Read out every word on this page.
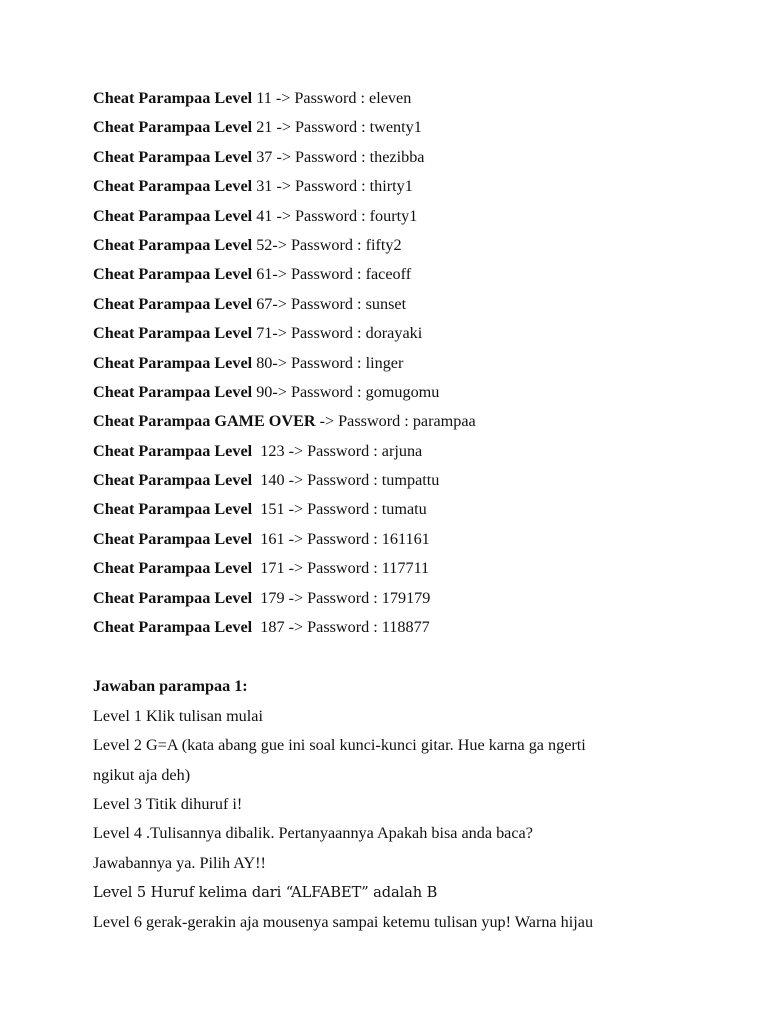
Cheat Parampaa Level 11 -> Password : eleven
Cheat Parampaa Level 21 -> Password : twenty1
Cheat Parampaa Level 37 -> Password : thezibba
Cheat Parampaa Level 31 -> Password : thirty1
Cheat Parampaa Level 41 -> Password : fourty1
Cheat Parampaa Level 52-> Password : fifty2
Cheat Parampaa Level 61-> Password : faceoff
Cheat Parampaa Level 67-> Password : sunset
Cheat Parampaa Level 71-> Password : dorayaki
Cheat Parampaa Level 80-> Password : linger
Cheat Parampaa Level 90-> Password : gomugomu
Cheat Parampaa GAME OVER -> Password : parampaa
Cheat Parampaa Level  123 -> Password : arjuna
Cheat Parampaa Level  140 -> Password : tumpattu
Cheat Parampaa Level  151 -> Password : tumatu
Cheat Parampaa Level  161 -> Password : 161161
Cheat Parampaa Level  171 -> Password : 117711
Cheat Parampaa Level  179 -> Password : 179179
Cheat Parampaa Level  187 -> Password : 118877
Jawaban parampaa 1:
Level 1 Klik tulisan mulai
Level 2 G=A (kata abang gue ini soal kunci-kunci gitar. Hue karna ga ngerti
ngikut aja deh)
Level 3 Titik dihuruf i!
Level 4 .Tulisannya dibalik. Pertanyaannya Apakah bisa anda baca?
Jawabannya ya. Pilih AY!!
Level 5 Huruf kelima dari “ALFABET” adalah B
Level 6 gerak-gerakin aja mousenya sampai ketemu tulisan yup! Warna hijau
